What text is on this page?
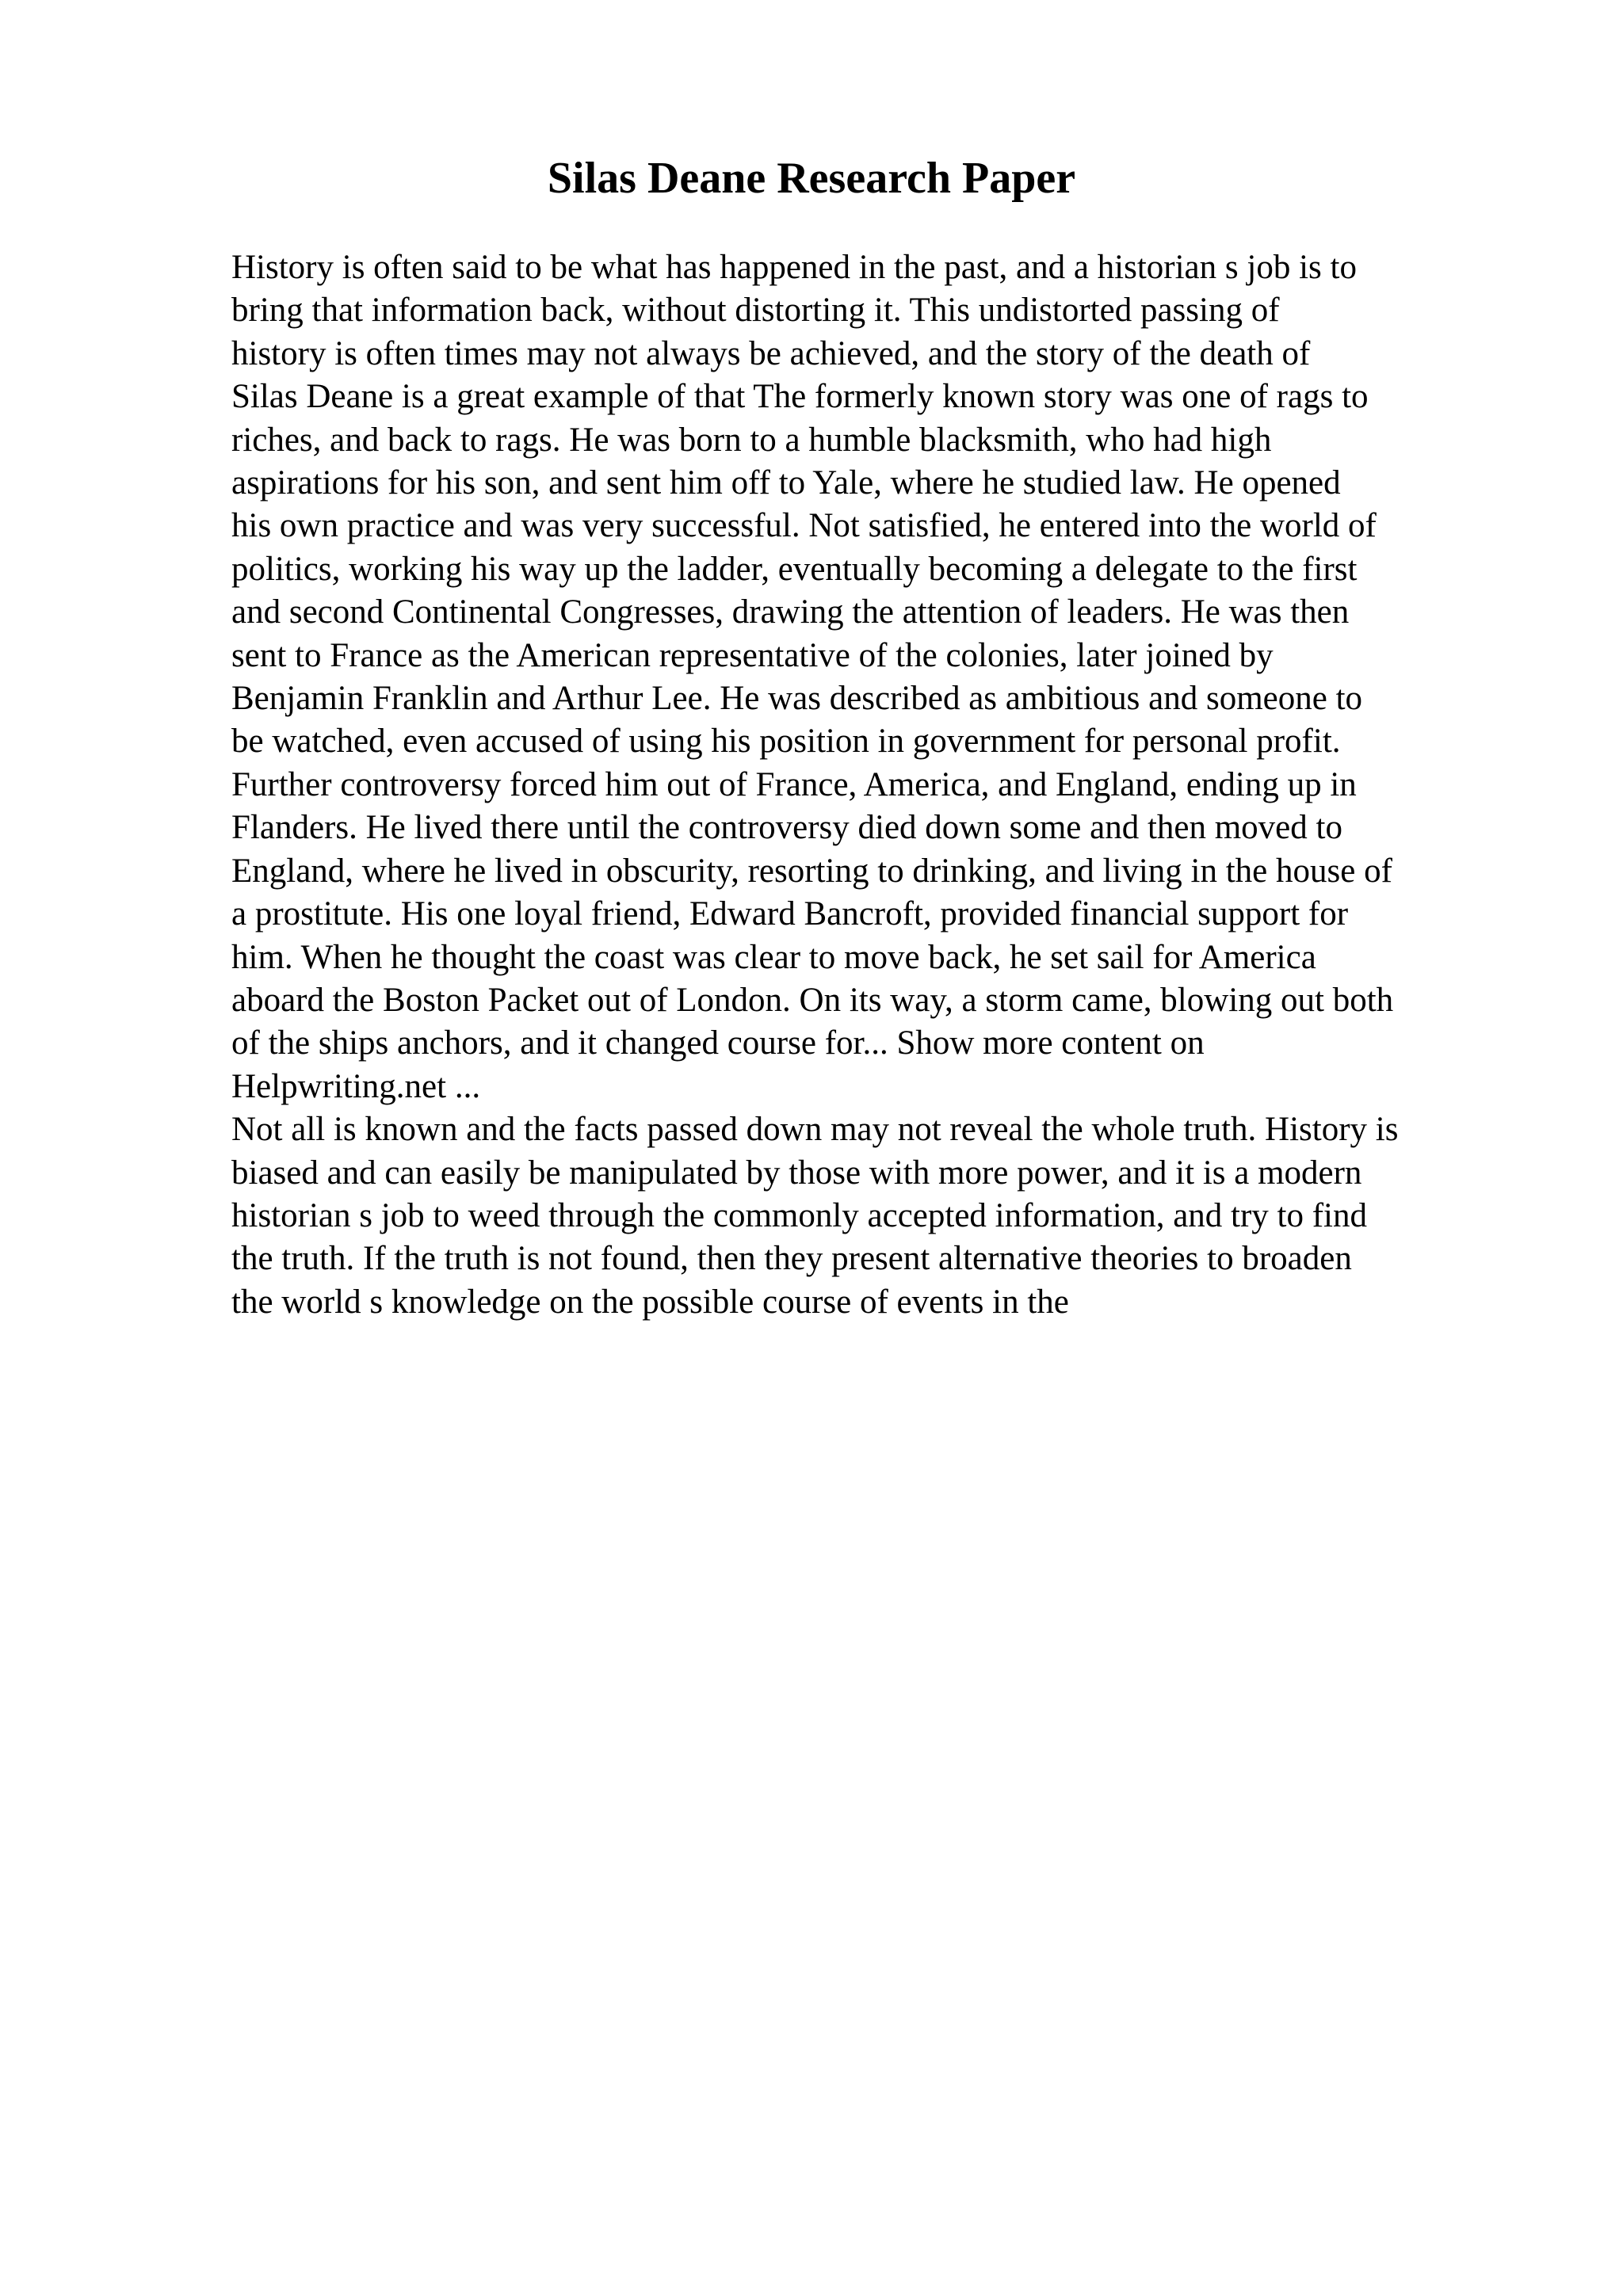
Silas Deane Research Paper
History is often said to be what has happened in the past, and a historian s job is to
bring that information back, without distorting it. This undistorted passing of
history is often times may not always be achieved, and the story of the death of
Silas Deane is a great example of that The formerly known story was one of rags to
riches, and back to rags. He was born to a humble blacksmith, who had high
aspirations for his son, and sent him off to Yale, where he studied law. He opened
his own practice and was very successful. Not satisfied, he entered into the world of
politics, working his way up the ladder, eventually becoming a delegate to the first
and second Continental Congresses, drawing the attention of leaders. He was then
sent to France as the American representative of the colonies, later joined by
Benjamin Franklin and Arthur Lee. He was described as ambitious and someone to
be watched, even accused of using his position in government for personal profit.
Further controversy forced him out of France, America, and England, ending up in
Flanders. He lived there until the controversy died down some and then moved to
England, where he lived in obscurity, resorting to drinking, and living in the house of
a prostitute. His one loyal friend, Edward Bancroft, provided financial support for
him. When he thought the coast was clear to move back, he set sail for America
aboard the Boston Packet out of London. On its way, a storm came, blowing out both
of the ships anchors, and it changed course for... Show more content on
Helpwriting.net ...
Not all is known and the facts passed down may not reveal the whole truth. History is
biased and can easily be manipulated by those with more power, and it is a modern
historian s job to weed through the commonly accepted information, and try to find
the truth. If the truth is not found, then they present alternative theories to broaden
the world s knowledge on the possible course of events in the
